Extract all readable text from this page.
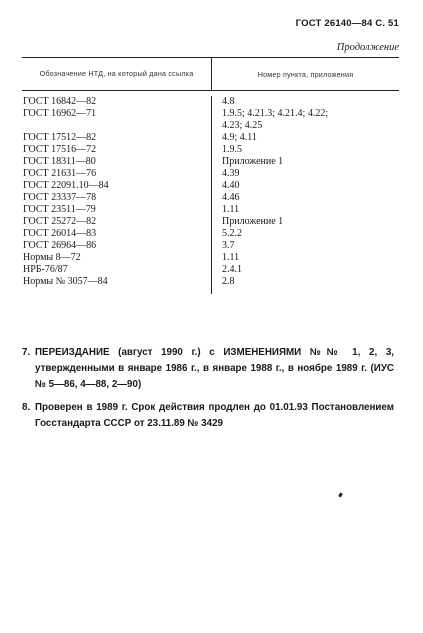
ГОСТ 26140—84 С. 51
Продолжение
Обозначение НТД, на который дана ссылка	Номер пункта, приложения
ГОСТ 16842—82
ГОСТ 16962—71
ГОСТ 17512—82
ГОСТ 17516—72
ГОСТ 18311—80
ГОСТ 21631—76
ГОСТ 22091.10—84
ГОСТ 23337—78
ГОСТ 23511—79
ГОСТ 25272—82
ГОСТ 26014—83
ГОСТ 26964—86
Нормы 8—72
НРБ-76/87
Нормы № 3057—84
4.8
1.9.5; 4.21.3; 4.21.4; 4.22;
4.23; 4.25
4.9; 4.11
1.9.5
Приложение 1
4.39
4.40
4.46
1.11
Приложение 1
5.2.2
3.7
1.11
2.4.1
2.8
7. ПЕРЕИЗДАНИЕ (август 1990 г.) с ИЗМЕНЕНИЯМИ №№ 1, 2, 3, утвержденными в январе 1986 г., в январе 1988 г., в ноябре 1989 г. (ИУС № 5—86, 4—88, 2—90)
8. Проверен в 1989 г. Срок действия продлен до 01.01.93 Постановлением Госстандарта СССР от 23.11.89 № 3429
